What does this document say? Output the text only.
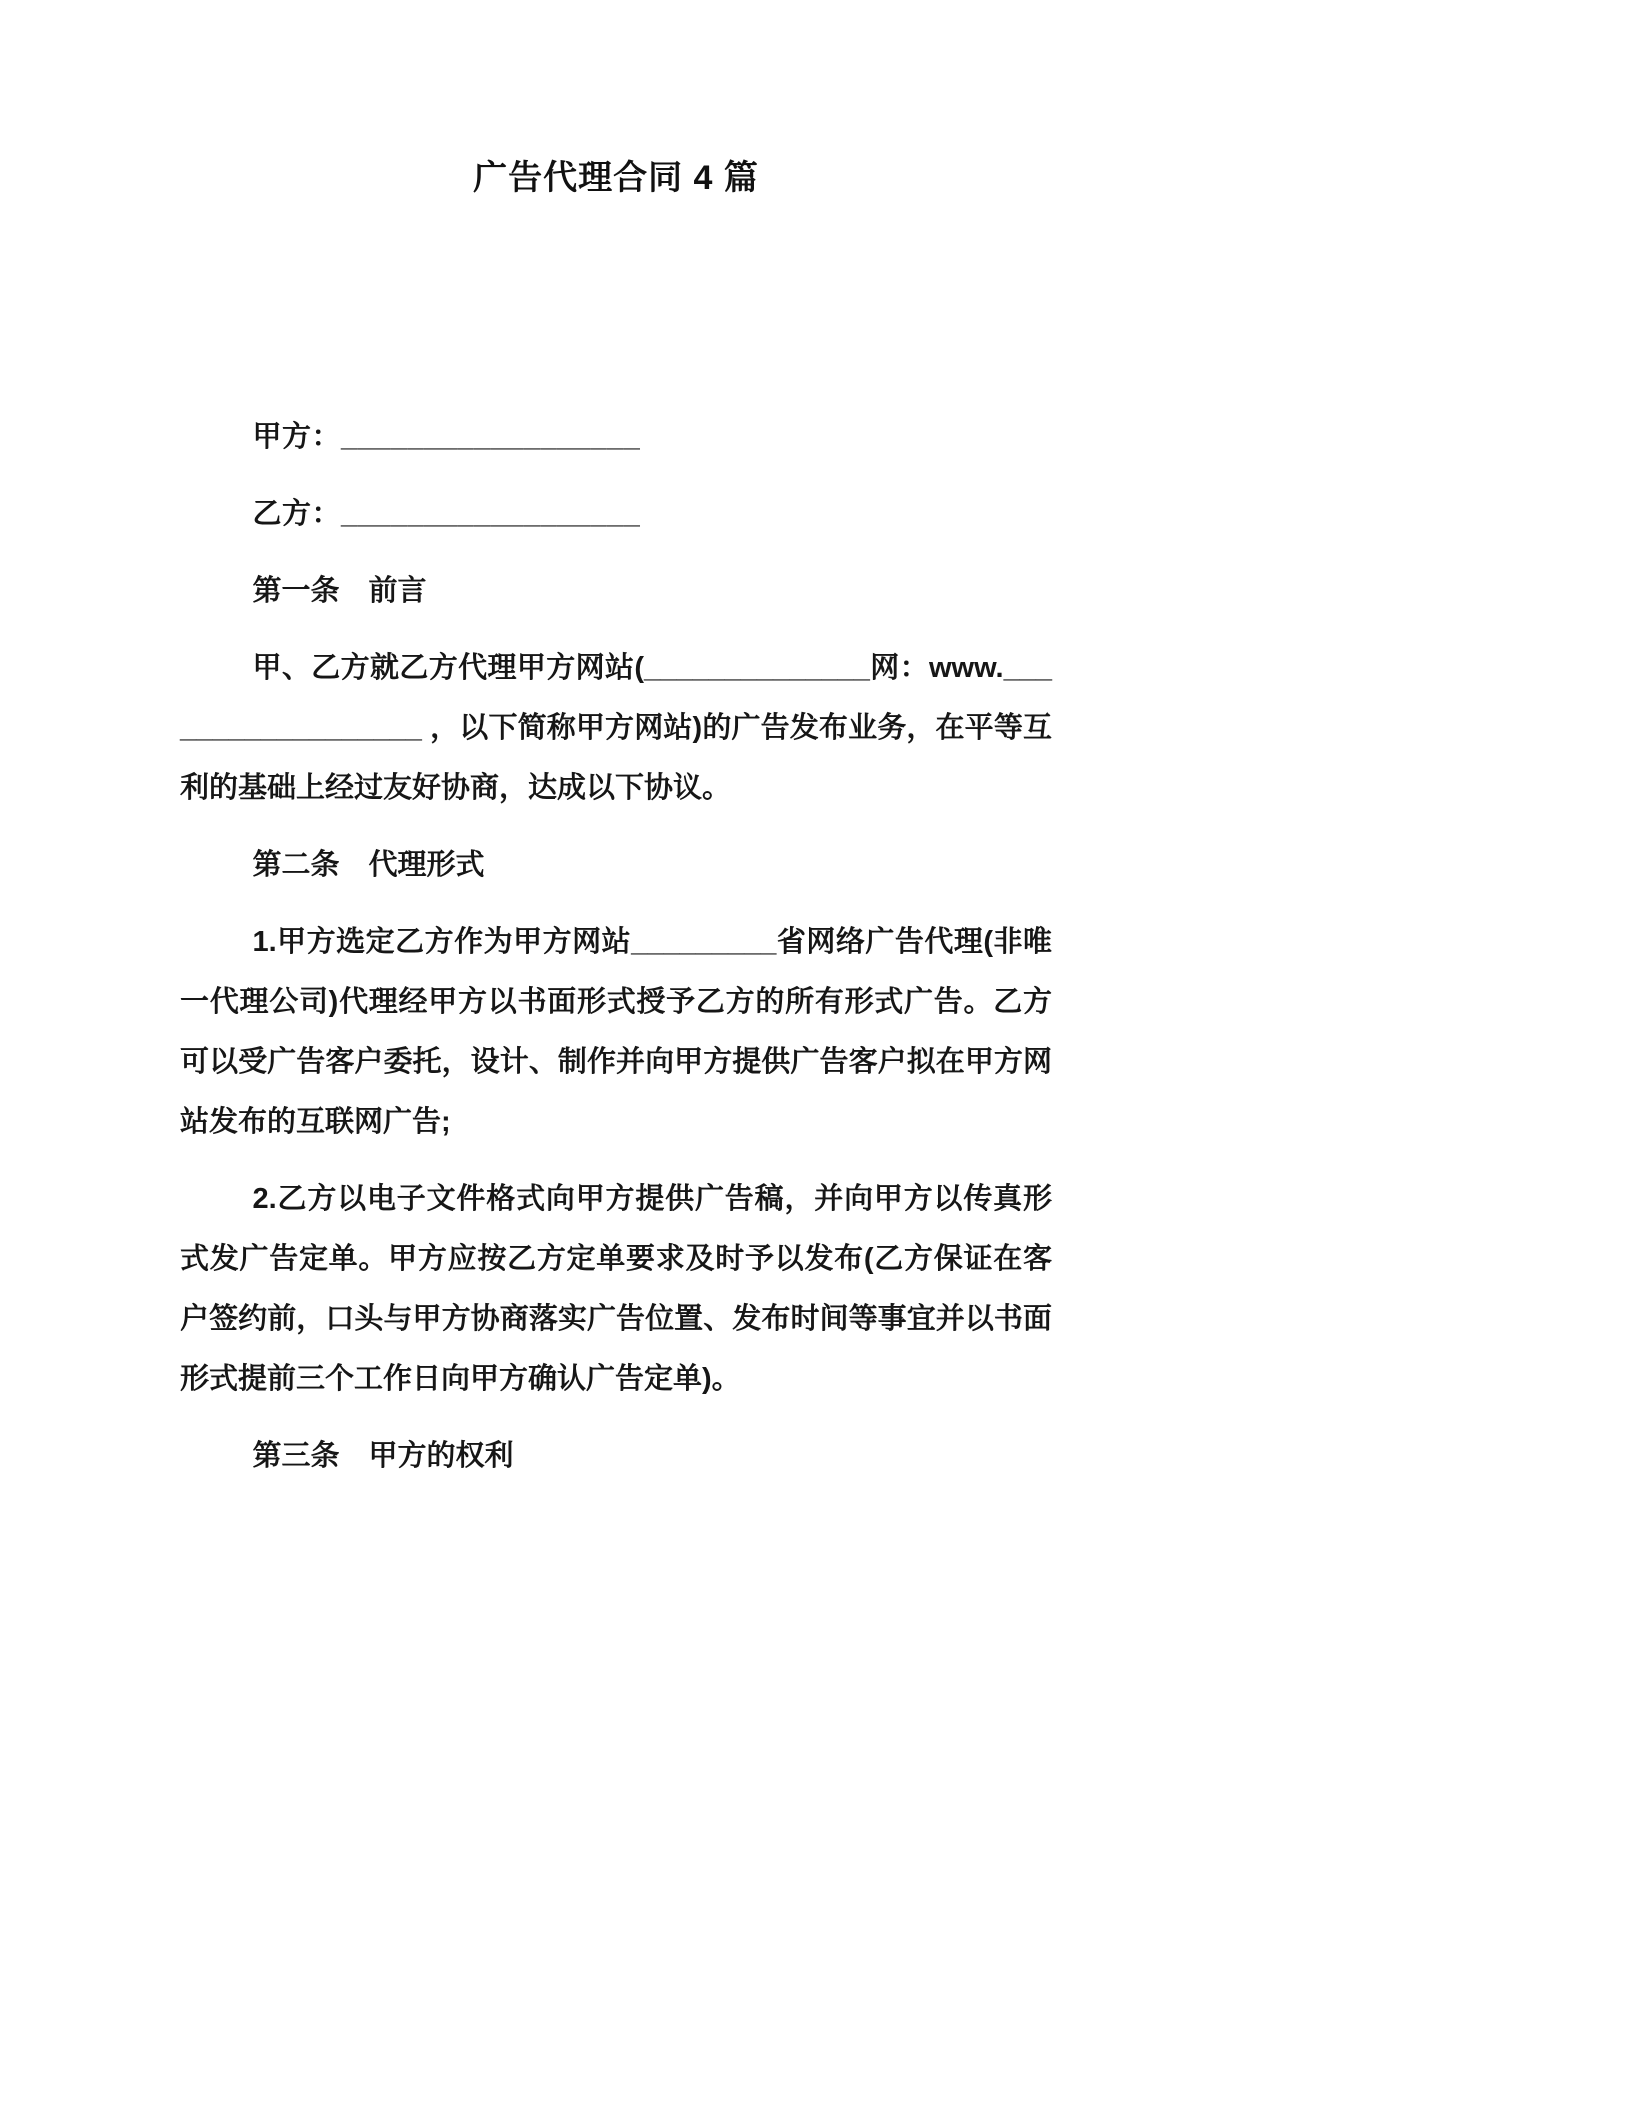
广告代理合同 4 篇

甲方：__________________

乙方：__________________

第一条　前言

甲、乙方就乙方代理甲方网站(______________网：www.__________________ ，以下简称甲方网站)的广告发布业务，在平等互利的基础上经过友好协商，达成以下协议。

第二条　代理形式

1.甲方选定乙方作为甲方网站_________省网络广告代理(非唯一代理公司)代理经甲方以书面形式授予乙方的所有形式广告。乙方可以受广告客户委托，设计、制作并向甲方提供广告客户拟在甲方网站发布的互联网广告;

2.乙方以电子文件格式向甲方提供广告稿，并向甲方以传真形式发广告定单。甲方应按乙方定单要求及时予以发布(乙方保证在客户签约前，口头与甲方协商落实广告位置、发布时间等事宜并以书面形式提前三个工作日向甲方确认广告定单)。

第三条　甲方的权利
